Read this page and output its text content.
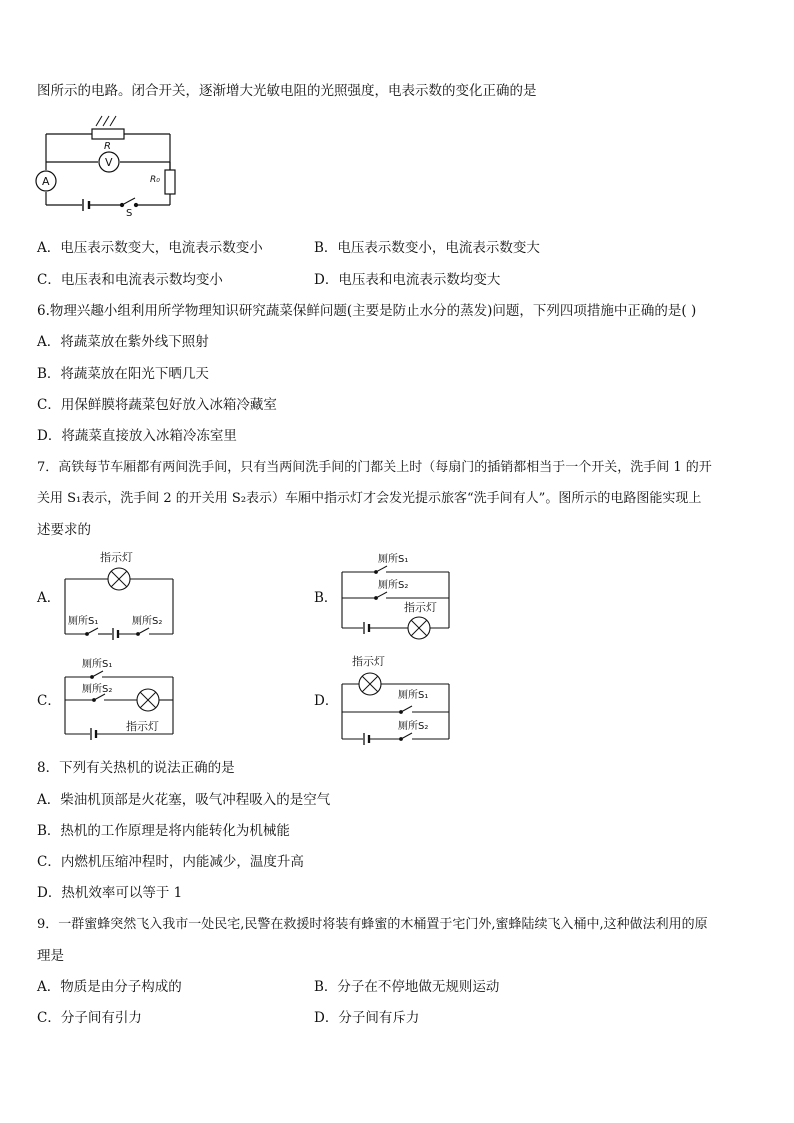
图所示的电路。闭合开关，逐渐增大光敏电阻的光照强度，电表示数的变化正确的是
R
V
A	R₀
S
A．电压表示数变大，电流表示数变小	B．电压表示数变小，电流表示数变大
C．电压表和电流表示数均变小	D．电压表和电流表示数均变大
6.物理兴趣小组利用所学物理知识研究蔬菜保鲜问题(主要是防止水分的蒸发)问题，下列四项措施中正确的是( )
A．将蔬菜放在紫外线下照射
B．将蔬菜放在阳光下晒几天
C．用保鲜膜将蔬菜包好放入冰箱冷藏室
D．将蔬菜直接放入冰箱冷冻室里
7．高铁每节车厢都有两间洗手间，只有当两间洗手间的门都关上时（每扇门的插销都相当于一个开关，洗手间 1 的开
关用 S₁表示，洗手间 2 的开关用 S₂表示）车厢中指示灯才会发光提示旅客“洗手间有人”。图所示的电路图能实现上
述要求的
A．	B．
C．	D．
指示灯
厕所S₁	厕所S₂
厕所S₁
厕所S₂
指示灯
厕所S₁
厕所S₂
指示灯
指示灯
厕所S₁
厕所S₂
8．下列有关热机的说法正确的是
A．柴油机顶部是火花塞，吸气冲程吸入的是空气
B．热机的工作原理是将内能转化为机械能
C．内燃机压缩冲程时，内能减少，温度升高
D．热机效率可以等于 1
9．一群蜜蜂突然飞入我市一处民宅,民警在救援时将装有蜂蜜的木桶置于宅门外,蜜蜂陆续飞入桶中,这种做法利用的原
理是
A．物质是由分子构成的	B．分子在不停地做无规则运动
C．分子间有引力	D．分子间有斥力
